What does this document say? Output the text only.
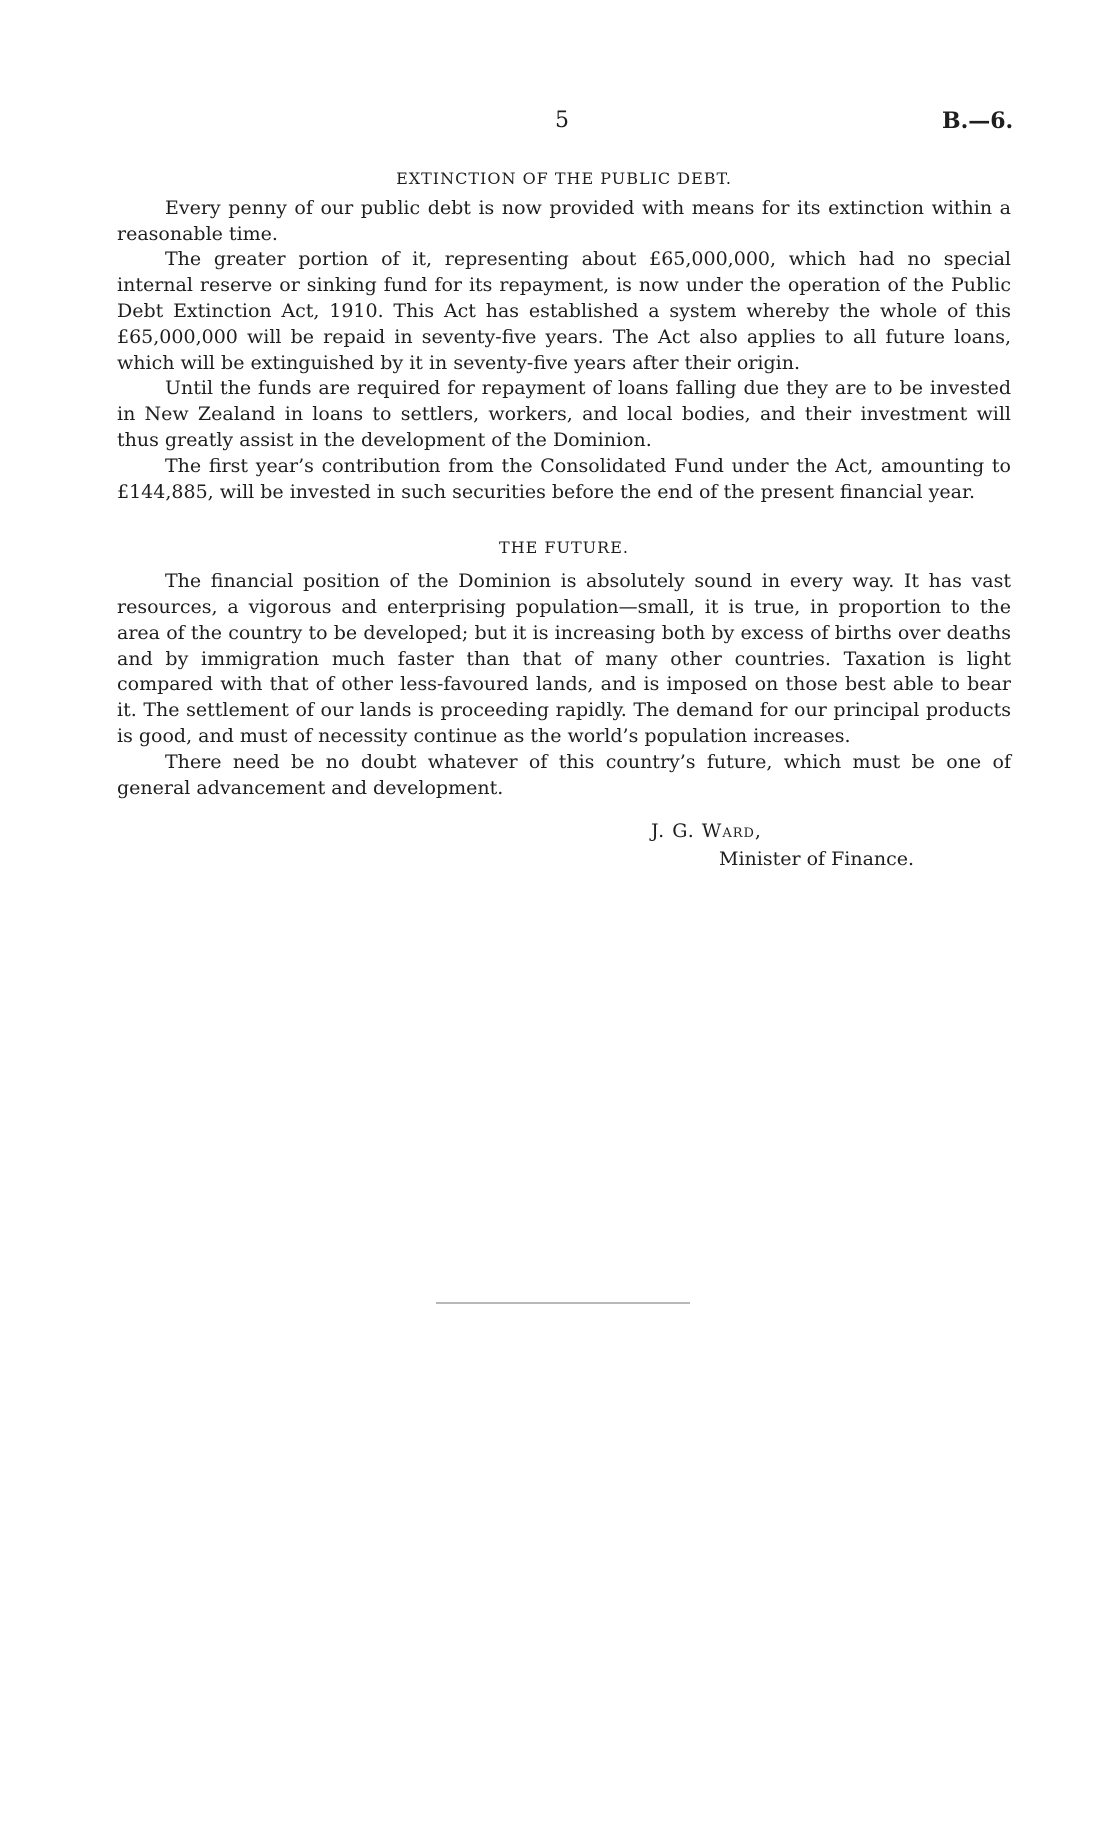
5	B.—6.
EXTINCTION OF THE PUBLIC DEBT.

Every penny of our public debt is now provided with means for its extinction within a reasonable time.

The greater portion of it, representing about £65,000,000, which had no special internal reserve or sinking fund for its repayment, is now under the operation of the Public Debt Extinction Act, 1910. This Act has established a system whereby the whole of this £65,000,000 will be repaid in seventy-five years. The Act also applies to all future loans, which will be extinguished by it in seventy-five years after their origin.

Until the funds are required for repayment of loans falling due they are to be invested in New Zealand in loans to settlers, workers, and local bodies, and their investment will thus greatly assist in the development of the Dominion.

The first year’s contribution from the Consolidated Fund under the Act, amounting to £144,885, will be invested in such securities before the end of the present financial year.

THE FUTURE.

The financial position of the Dominion is absolutely sound in every way. It has vast resources, a vigorous and enterprising population—small, it is true, in proportion to the area of the country to be developed; but it is increasing both by excess of births over deaths and by immigration much faster than that of many other countries. Taxation is light compared with that of other less-favoured lands, and is imposed on those best able to bear it. The settlement of our lands is proceeding rapidly. The demand for our principal products is good, and must of necessity continue as the world’s population increases.

There need be no doubt whatever of this country’s future, which must be one of general advancement and development.

J. G. Ward,
Minister of Finance.
